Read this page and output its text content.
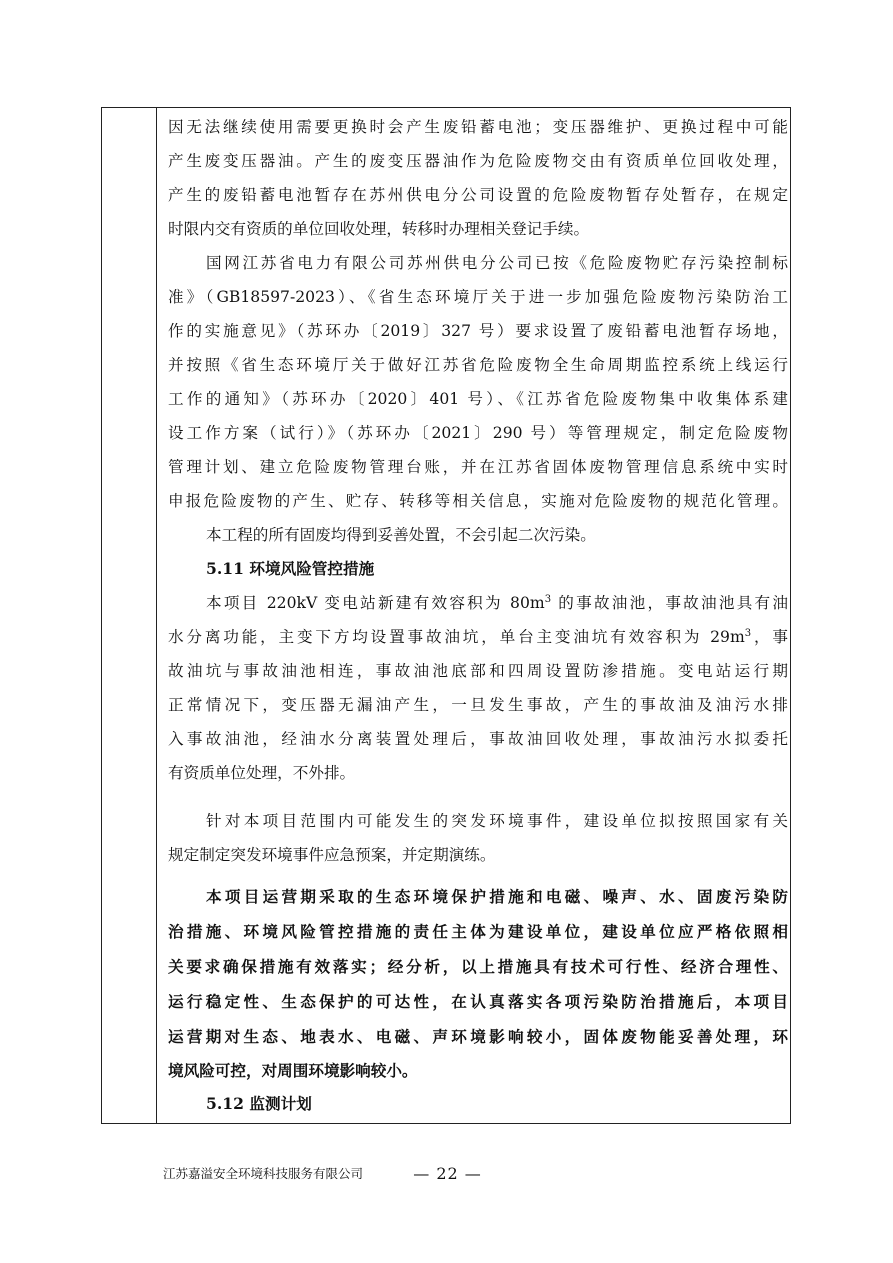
因无法继续使用需要更换时会产生废铅蓄电池；变压器维护、更换过程中可能
产生废变压器油。产生的废变压器油作为危险废物交由有资质单位回收处理，
产生的废铅蓄电池暂存在苏州供电分公司设置的危险废物暂存处暂存，在规定
时限内交有资质的单位回收处理，转移时办理相关登记手续。
国网江苏省电力有限公司苏州供电分公司已按《危险废物贮存污染控制标
准》（GB18597-2023）、《省生态环境厅关于进一步加强危险废物污染防治工
作的实施意见》（苏环办〔2019〕327 号）要求设置了废铅蓄电池暂存场地，
并按照《省生态环境厅关于做好江苏省危险废物全生命周期监控系统上线运行
工作的通知》（苏环办〔2020〕401 号）、《江苏省危险废物集中收集体系建
设工作方案（试行）》（苏环办〔2021〕290 号）等管理规定，制定危险废物
管理计划、建立危险废物管理台账，并在江苏省固体废物管理信息系统中实时
申报危险废物的产生、贮存、转移等相关信息，实施对危险废物的规范化管理。
本工程的所有固废均得到妥善处置，不会引起二次污染。
5.11 环境风险管控措施
本项目 220kV 变电站新建有效容积为 $80m^3$ 的事故油池，事故油池具有油
水分离功能，主变下方均设置事故油坑，单台主变油坑有效容积为 $29m^3$，事
故油坑与事故油池相连，事故油池底部和四周设置防渗措施。变电站运行期
正常情况下，变压器无漏油产生，一旦发生事故，产生的事故油及油污水排
入事故油池，经油水分离装置处理后，事故油回收处理，事故油污水拟委托
有资质单位处理，不外排。
针对本项目范围内可能发生的突发环境事件，建设单位拟按照国家有关
规定制定突发环境事件应急预案，并定期演练。
本项目运营期采取的生态环境保护措施和电磁、噪声、水、固废污染防
治措施、环境风险管控措施的责任主体为建设单位，建设单位应严格依照相
关要求确保措施有效落实；经分析，以上措施具有技术可行性、经济合理性、
运行稳定性、生态保护的可达性，在认真落实各项污染防治措施后，本项目
运营期对生态、地表水、电磁、声环境影响较小，固体废物能妥善处理，环
境风险可控，对周围环境影响较小。
5.12 监测计划
江苏嘉溢安全环境科技服务有限公司	— 22 —
